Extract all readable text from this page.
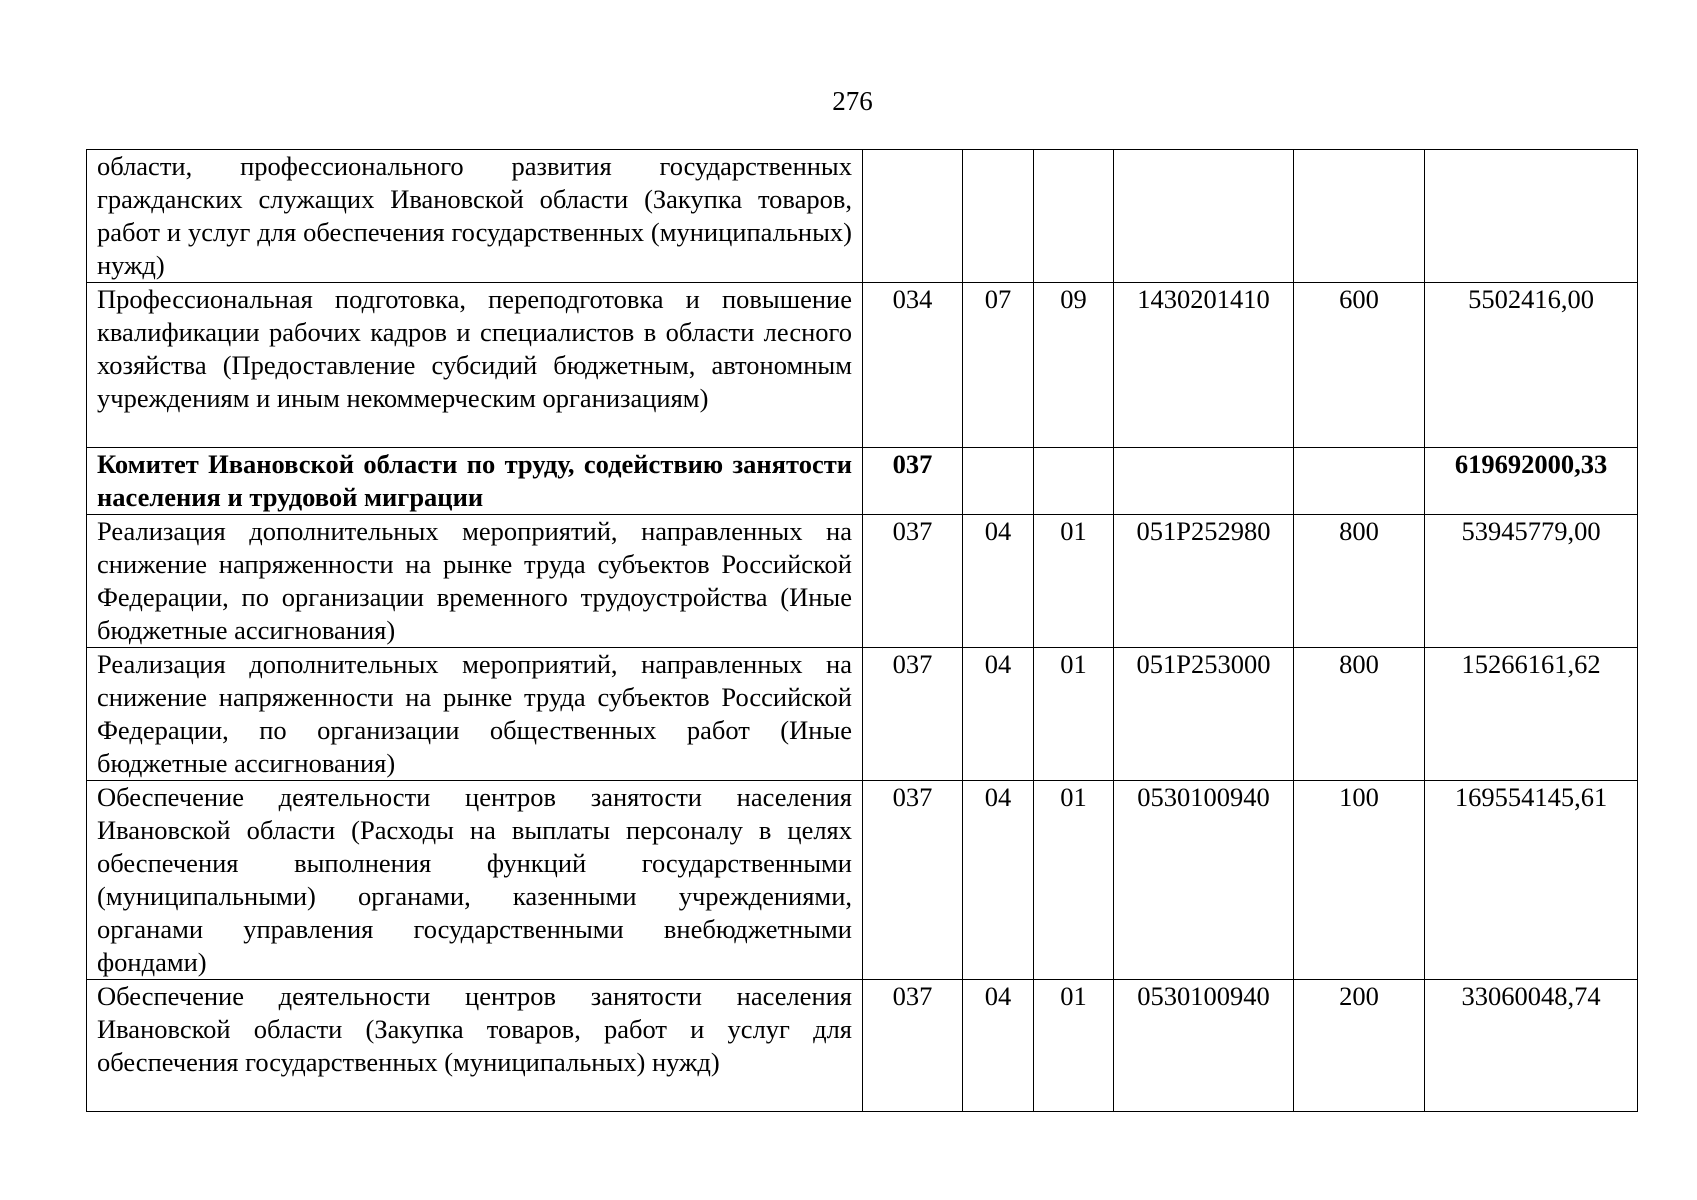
276
области, профессионального развития государственных гражданских служащих Ивановской области (Закупка товаров, работ и услуг для обеспечения государственных (муниципальных) нужд)						
Профессиональная подготовка, переподготовка и повышение квалификации рабочих кадров и специалистов в области лесного хозяйства (Предоставление субсидий бюджетным, автономным учреждениям и иным некоммерческим организациям)	034	07	09	1430201410	600	5502416,00
Комитет Ивановской области по труду, содействию занятости населения и трудовой миграции	037					619692000,33
Реализация дополнительных мероприятий, направленных на снижение напряженности на рынке труда субъектов Российской Федерации, по организации временного трудоустройства (Иные бюджетные ассигнования)	037	04	01	051P252980	800	53945779,00
Реализация дополнительных мероприятий, направленных на снижение напряженности на рынке труда субъектов Российской Федерации, по организации общественных работ (Иные бюджетные ассигнования)	037	04	01	051P253000	800	15266161,62
Обеспечение деятельности центров занятости населения Ивановской области (Расходы на выплаты персоналу в целях обеспечения выполнения функций государственными (муниципальными) органами, казенными учреждениями, органами управления государственными внебюджетными фондами)	037	04	01	0530100940	100	169554145,61
Обеспечение деятельности центров занятости населения Ивановской области (Закупка товаров, работ и услуг для обеспечения государственных (муниципальных) нужд)	037	04	01	0530100940	200	33060048,74
